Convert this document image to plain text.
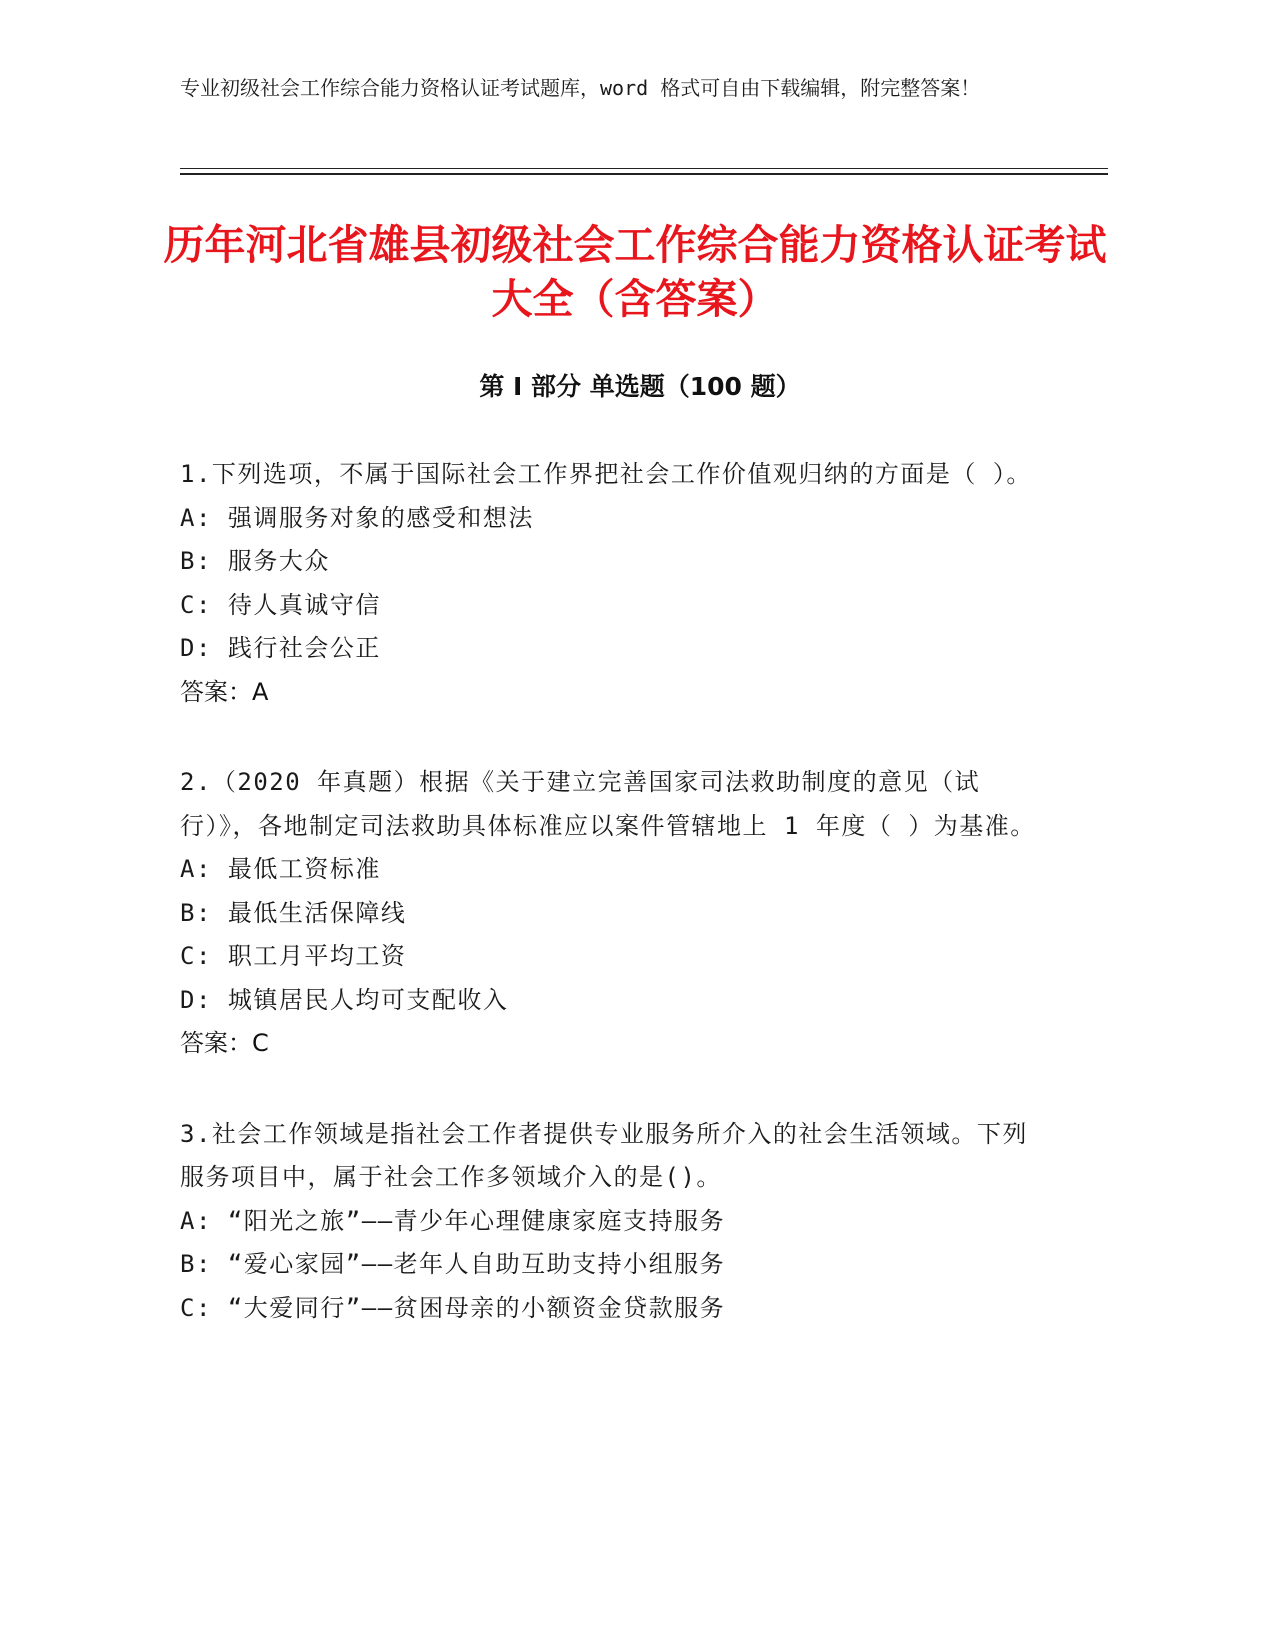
专业初级社会工作综合能力资格认证考试题库，word 格式可自由下载编辑，附完整答案！
历年河北省雄县初级社会工作综合能力资格认证考试大全（含答案）
第 I 部分 单选题（100 题）
1.下列选项，不属于国际社会工作界把社会工作价值观归纳的方面是（ ）。
A: 强调服务对象的感受和想法
B: 服务大众
C: 待人真诚守信
D: 践行社会公正
答案：A
2.（2020 年真题）根据《关于建立完善国家司法救助制度的意见（试行）》，各地制定司法救助具体标准应以案件管辖地上 1 年度（ ）为基准。
A: 最低工资标准
B: 最低生活保障线
C: 职工月平均工资
D: 城镇居民人均可支配收入
答案：C
3.社会工作领域是指社会工作者提供专业服务所介入的社会生活领域。下列服务项目中，属于社会工作多领域介入的是()。
A: “阳光之旅”——青少年心理健康家庭支持服务
B: “爱心家园”——老年人自助互助支持小组服务
C: “大爱同行”——贫困母亲的小额资金贷款服务
